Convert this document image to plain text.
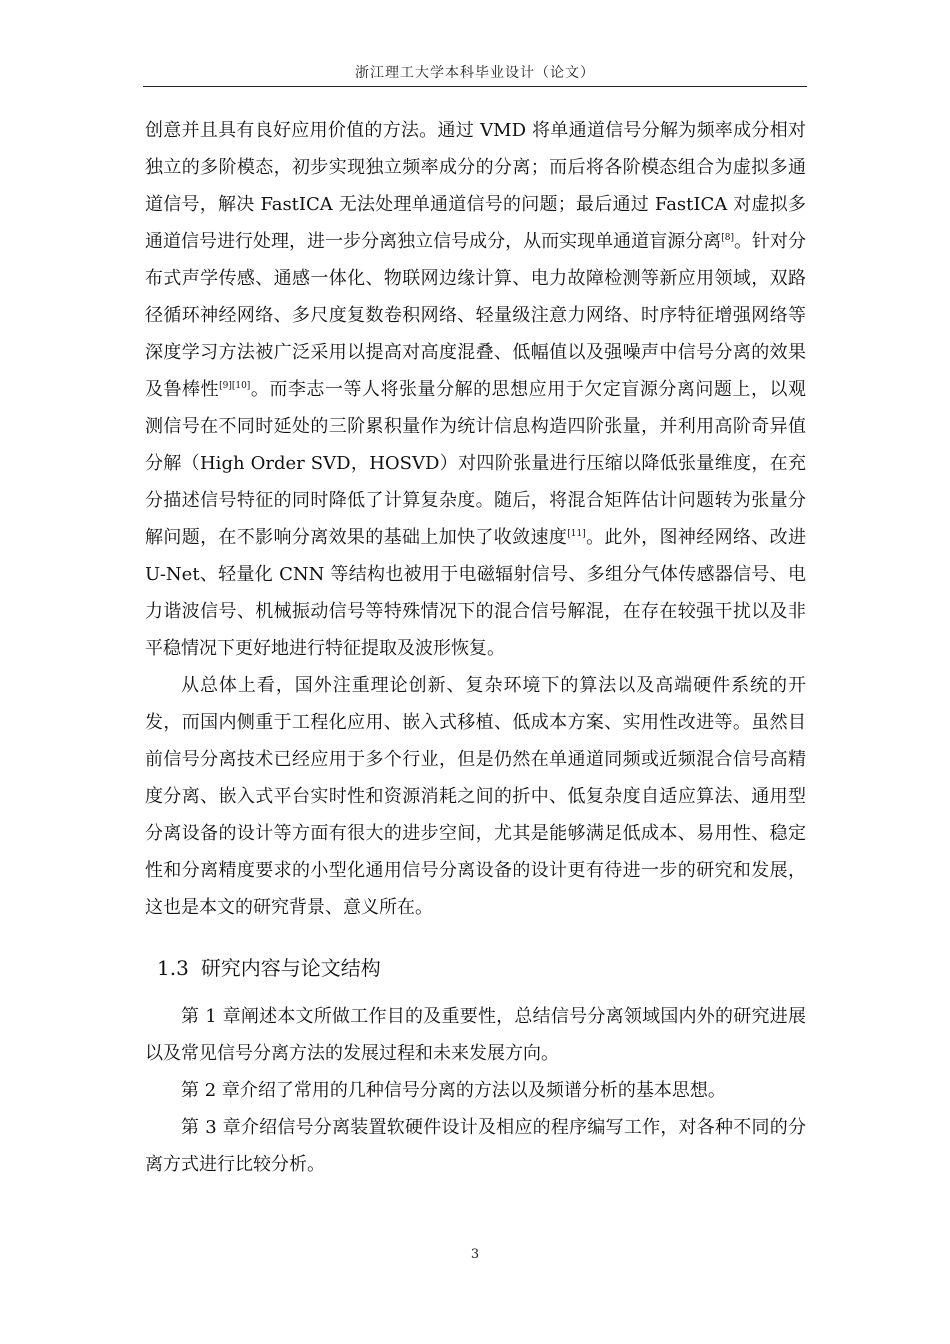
浙江理工大学本科毕业设计（论文）

创意并且具有良好应用价值的方法。通过 VMD 将单通道信号分解为频率成分相对独立的多阶模态，初步实现独立频率成分的分离；而后将各阶模态组合为虚拟多通道信号，解决 FastICA 无法处理单通道信号的问题；最后通过 FastICA 对虚拟多通道信号进行处理，进一步分离独立信号成分，从而实现单通道盲源分离[8]。针对分布式声学传感、通感一体化、物联网边缘计算、电力故障检测等新应用领域，双路径循环神经网络、多尺度复数卷积网络、轻量级注意力网络、时序特征增强网络等深度学习方法被广泛采用以提高对高度混叠、低幅值以及强噪声中信号分离的效果及鲁棒性[9][10]。而李志一等人将张量分解的思想应用于欠定盲源分离问题上，以观测信号在不同时延处的三阶累积量作为统计信息构造四阶张量，并利用高阶奇异值分解（High Order SVD，HOSVD）对四阶张量进行压缩以降低张量维度，在充分描述信号特征的同时降低了计算复杂度。随后，将混合矩阵估计问题转为张量分解问题，在不影响分离效果的基础上加快了收敛速度[11]。此外，图神经网络、改进 U-Net、轻量化 CNN 等结构也被用于电磁辐射信号、多组分气体传感器信号、电力谐波信号、机械振动信号等特殊情况下的混合信号解混，在存在较强干扰以及非平稳情况下更好地进行特征提取及波形恢复。

从总体上看，国外注重理论创新、复杂环境下的算法以及高端硬件系统的开发，而国内侧重于工程化应用、嵌入式移植、低成本方案、实用性改进等。虽然目前信号分离技术已经应用于多个行业，但是仍然在单通道同频或近频混合信号高精度分离、嵌入式平台实时性和资源消耗之间的折中、低复杂度自适应算法、通用型分离设备的设计等方面有很大的进步空间，尤其是能够满足低成本、易用性、稳定性和分离精度要求的小型化通用信号分离设备的设计更有待进一步的研究和发展，这也是本文的研究背景、意义所在。

1.3 研究内容与论文结构

第 1 章阐述本文所做工作目的及重要性，总结信号分离领域国内外的研究进展以及常见信号分离方法的发展过程和未来发展方向。

第 2 章介绍了常用的几种信号分离的方法以及频谱分析的基本思想。

第 3 章介绍信号分离装置软硬件设计及相应的程序编写工作，对各种不同的分离方式进行比较分析。

3
